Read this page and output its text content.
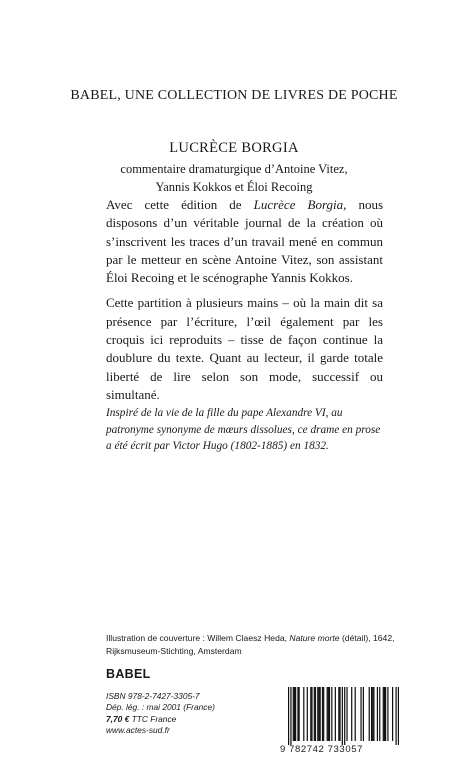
BABEL, UNE COLLECTION DE LIVRES DE POCHE
LUCRÈCE BORGIA
commentaire dramaturgique d’Antoine Vitez,
Yannis Kokkos et Éloi Recoing

Avec cette édition de Lucrèce Borgia, nous disposons d’un véritable journal de la création où s’inscrivent les traces d’un travail mené en commun par le metteur en scène Antoine Vitez, son assistant Éloi Recoing et le scénographe Yannis Kokkos.

Cette partition à plusieurs mains – où la main dit sa présence par l’écriture, l’œil également par les croquis ici reproduits – tisse de façon continue la doublure du texte. Quant au lecteur, il garde totale liberté de lire selon son mode, successif ou simultané.

Inspiré de la vie de la fille du pape Alexandre VI, au patronyme synonyme de mœurs dissolues, ce drame en prose a été écrit par Victor Hugo (1802-1885) en 1832.
Illustration de couverture : Willem Claesz Heda, Nature morte (détail), 1642,
Rijksmuseum-Stichting, Amsterdam
BABEL
ISBN 978-2-7427-3305-7
Dép. lég. : mai 2001 (France)
7,70 € TTC France
www.actes-sud.fr
9 782742 733057
